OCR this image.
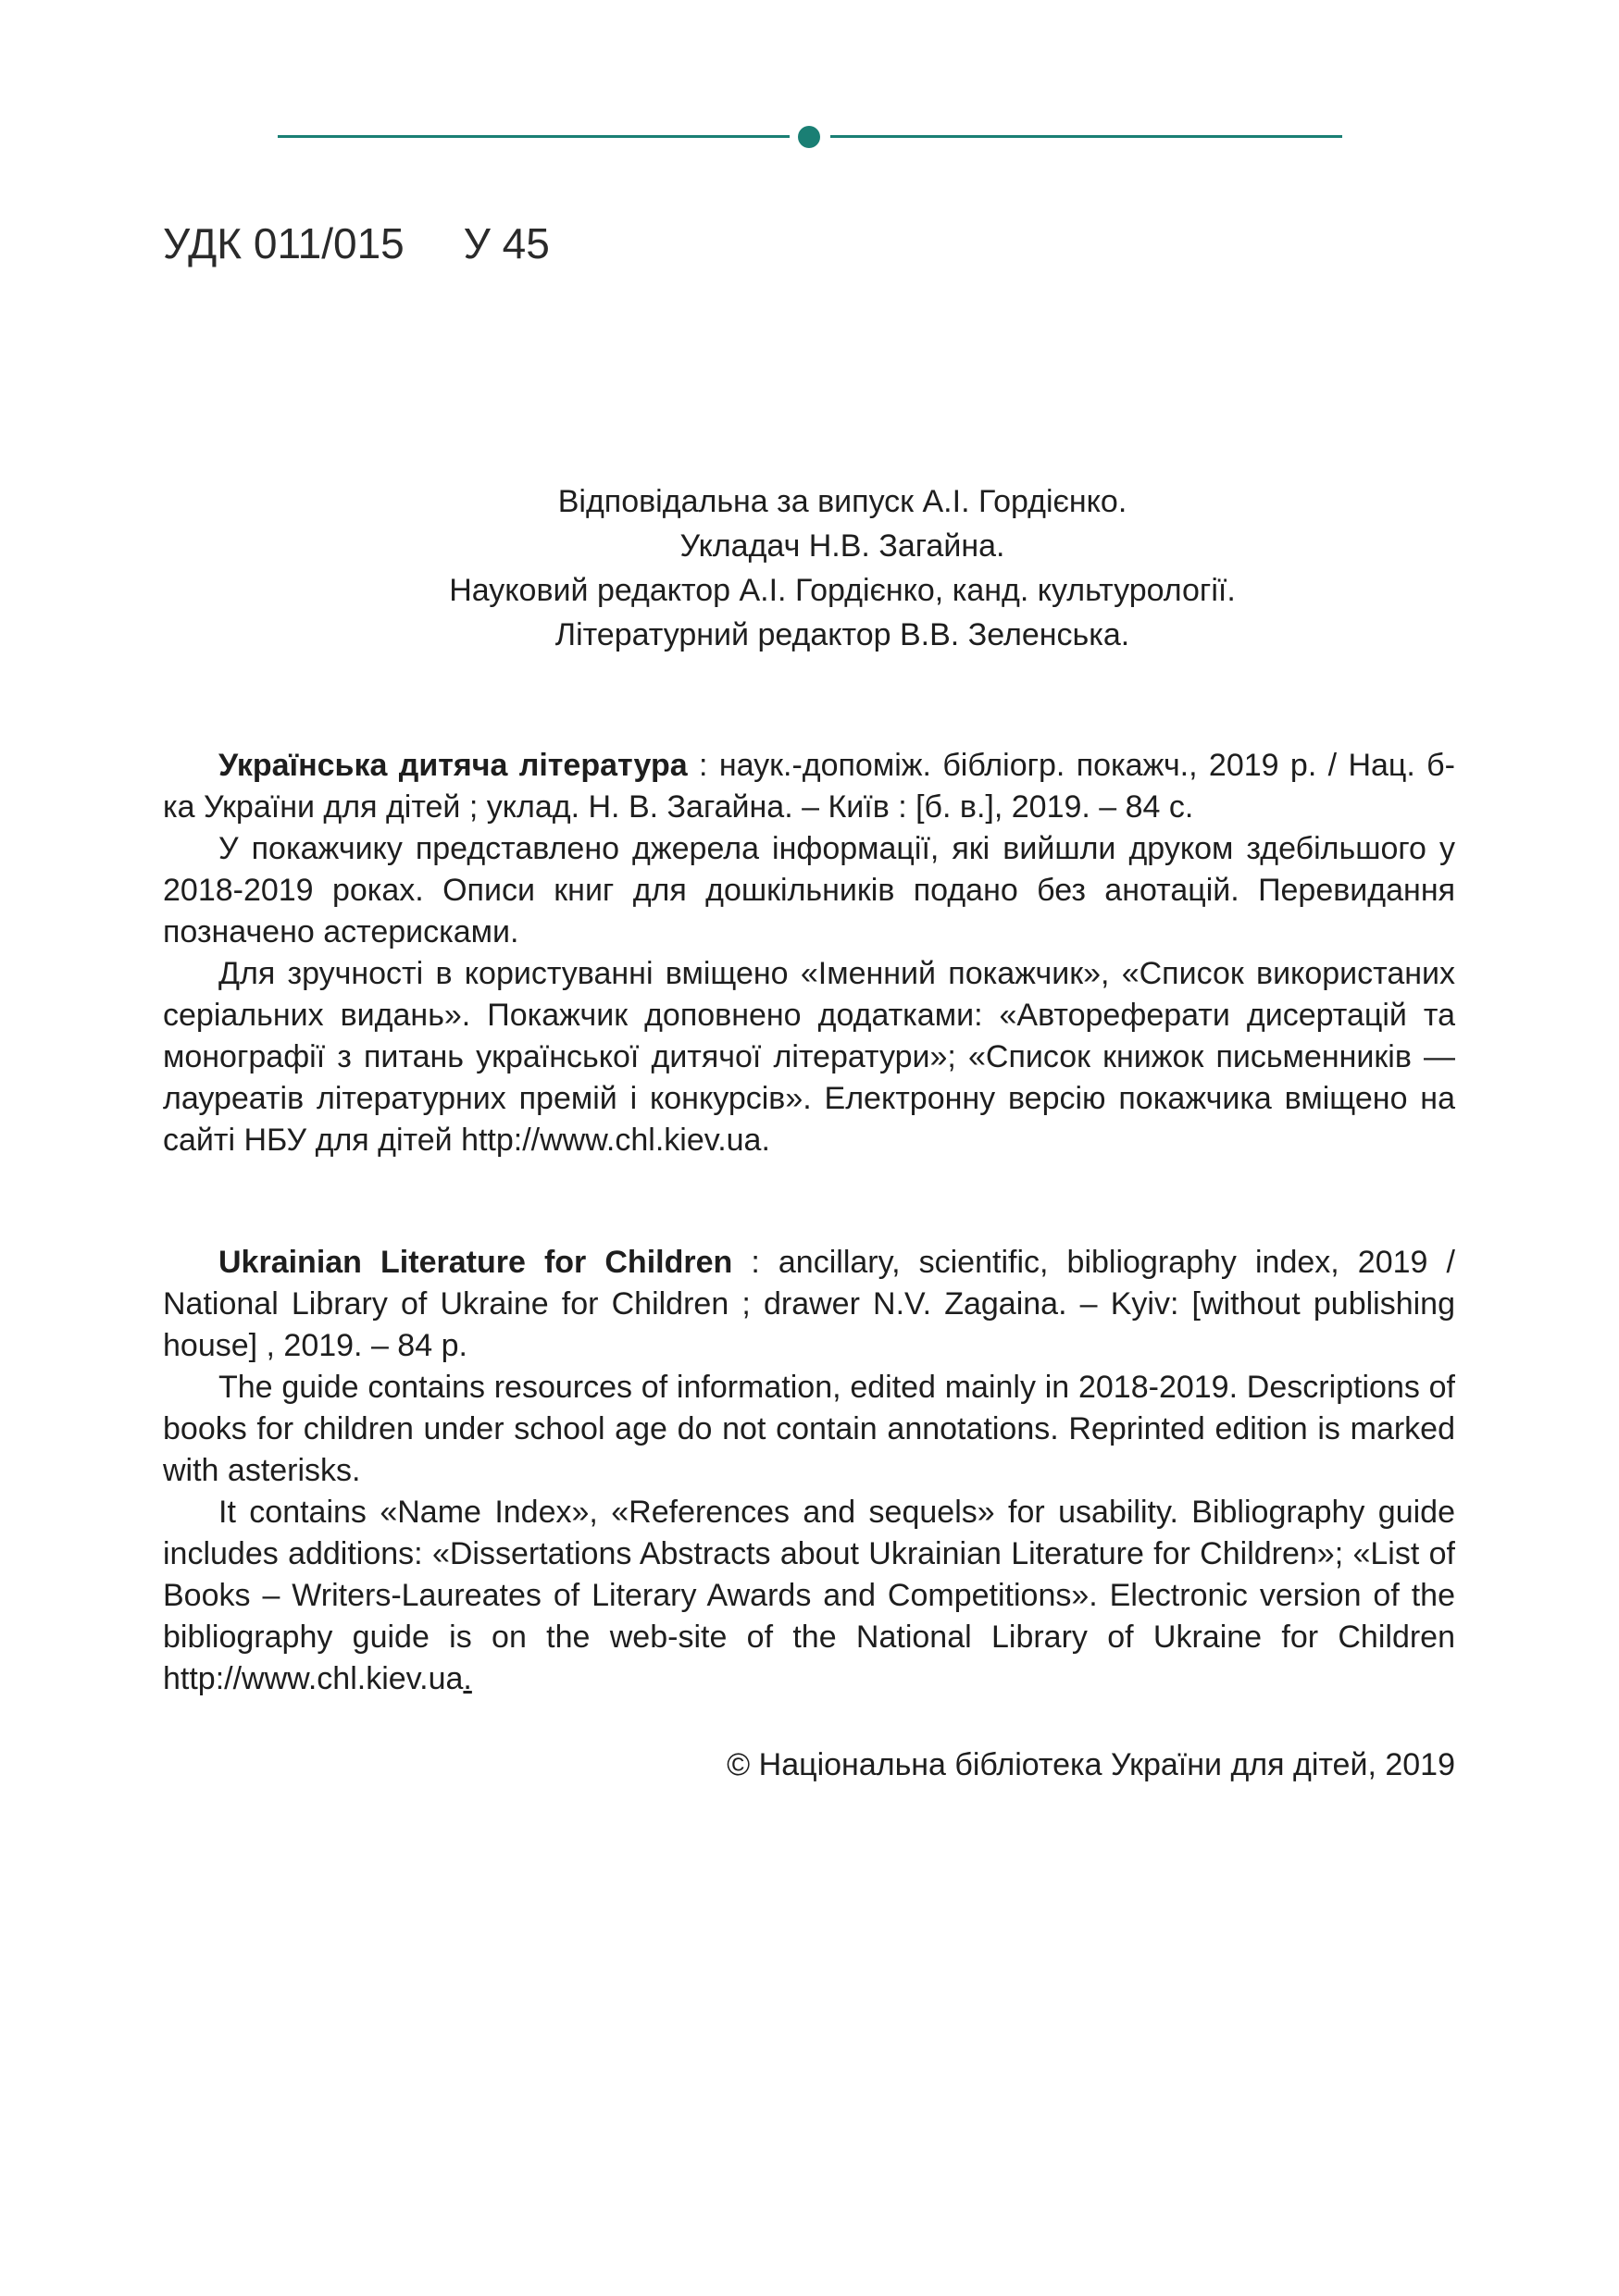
УДК 011/015     У 45
Відповідальна за випуск А.І. Гордієнко.
Укладач Н.В. Загайна.
Науковий редактор А.І. Гордієнко, канд. культурології.
Літературний редактор В.В. Зеленська.

Українська дитяча література : наук.-допоміж. бібліогр. покажч., 2019 р. / Нац. б-ка України для дітей ; уклад. Н. В. Загайна. – Київ : [б. в.], 2019. – 84 с.

У покажчику представлено джерела інформації, які вийшли друком здебільшого у 2018-2019 роках. Описи книг для дошкільників подано без анотацій. Перевидання позначено астерисками.

Для зручності в користуванні вміщено «Іменний покажчик», «Список використаних серіальних видань». Покажчик доповнено додатками: «Автореферати дисертацій та монографії з питань української дитячої літератури»; «Список книжок письменників — лауреатів літературних премій і конкурсів». Електронну версію покажчика вміщено на сайті НБУ для дітей http://www.chl.kiev.ua.

Ukrainian Literature for Children : ancillary, scientific, bibliography index, 2019 / National Library of Ukraine for Children ; drawer N.V. Zagaina. – Kyiv: [without publishing house] , 2019. – 84 p.

The guide contains resources of information, edited mainly in 2018-2019. Descriptions of books for children under school age do not contain annotations. Reprinted edition is marked with asterisks.

It contains «Name Index», «References and sequels» for usability. Bibliography guide includes additions: «Dissertations Abstracts about Ukrainian Literature for Children»; «List of Books – Writers-Laureates of Literary Awards and Competitions». Electronic version of the bibliography guide is on the web-site of the National Library of Ukraine for Children http://www.chl.kiev.ua.

© Національна бібліотека України для дітей, 2019
